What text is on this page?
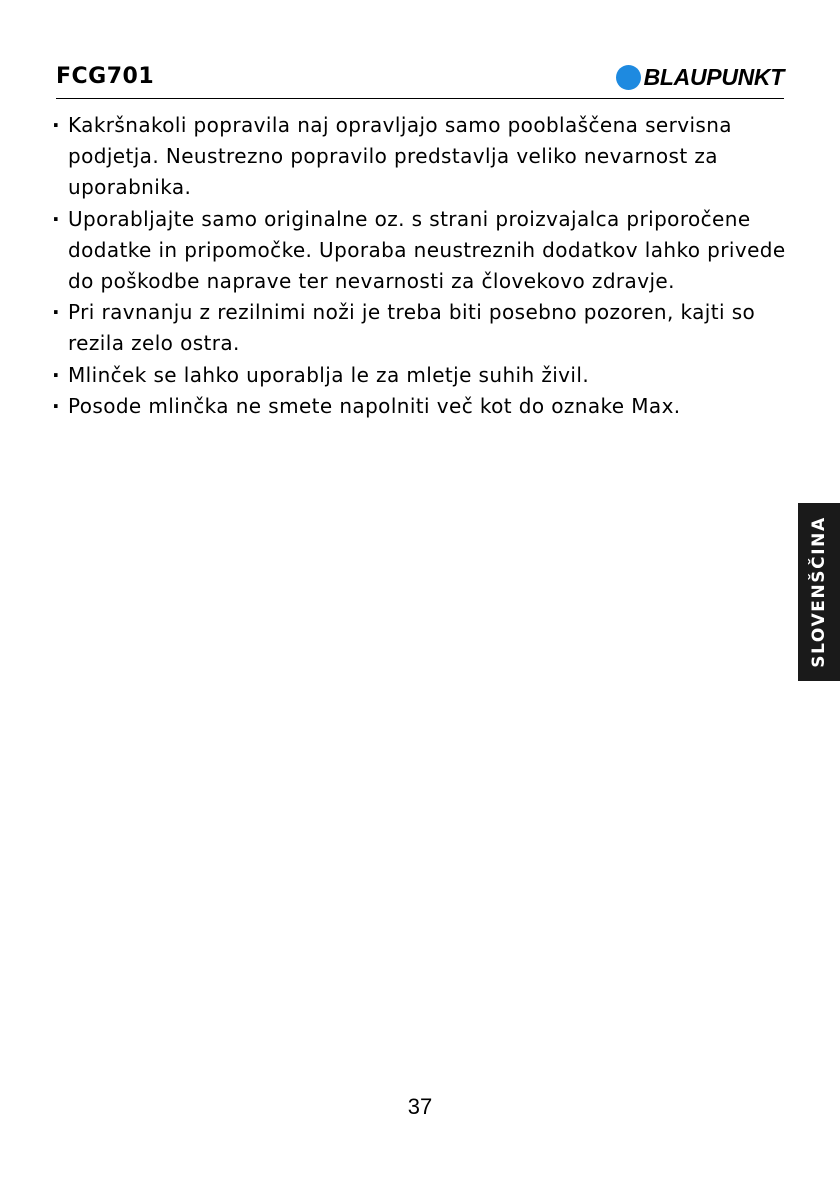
FCG701	BLAUPUNKT
· Kakršnakoli popravila naj opravljajo samo pooblaščena servisna podjetja. Neustrezno popravilo predstavlja veliko nevarnost za uporabnika.
· Uporabljajte samo originalne oz. s strani proizvajalca priporočene dodatke in pripomočke. Uporaba neustreznih dodatkov lahko privede do poškodbe naprave ter nevarnosti za človekovo zdravje.
· Pri ravnanju z rezilnimi noži je treba biti posebno pozoren, kajti so rezila zelo ostra.
· Mlinček se lahko uporablja le za mletje suhih živil.
· Posode mlinčka ne smete napolniti več kot do oznake Max.
SLOVENŠČINA
37
